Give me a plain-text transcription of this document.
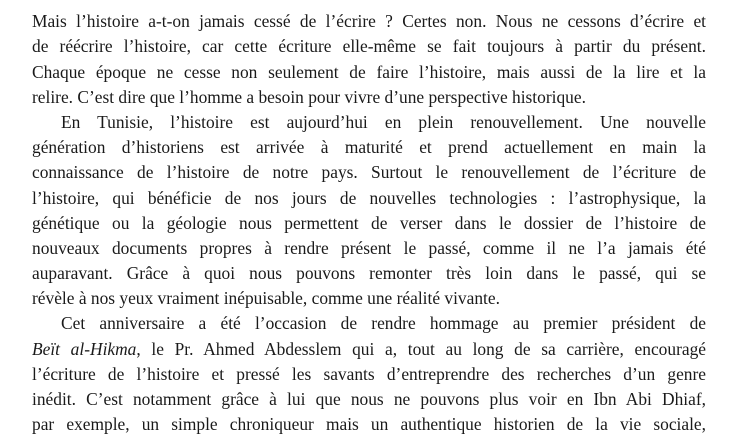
Mais l’histoire a-t-on jamais cessé de l’écrire ? Certes non. Nous ne cessons d’écrire et
de réécrire l’histoire, car cette écriture elle-même se fait toujours à partir du présent.
Chaque époque ne cesse non seulement de faire l’histoire, mais aussi de la lire et la
relire. C’est dire que l’homme a besoin pour vivre d’une perspective historique.
En Tunisie, l’histoire est aujourd’hui en plein renouvellement. Une nouvelle
génération d’historiens est arrivée à maturité et prend actuellement en main la
connaissance de l’histoire de notre pays. Surtout le renouvellement de l’écriture de
l’histoire, qui bénéficie de nos jours de nouvelles technologies : l’astrophysique, la
génétique ou la géologie nous permettent de verser dans le dossier de l’histoire de
nouveaux documents propres à rendre présent le passé, comme il ne l’a jamais été
auparavant. Grâce à quoi nous pouvons remonter très loin dans le passé, qui se
révèle à nos yeux vraiment inépuisable, comme une réalité vivante.
Cet anniversaire a été l’occasion de rendre hommage au premier président de
Beït al-Hikma, le Pr. Ahmed Abdesslem qui a, tout au long de sa carrière, encouragé
l’écriture de l’histoire et pressé les savants d’entreprendre des recherches d’un genre
inédit. C’est notamment grâce à lui que nous ne pouvons plus voir en Ibn Abi Dhiaf,
par exemple, un simple chroniqueur mais un authentique historien de la vie sociale,
